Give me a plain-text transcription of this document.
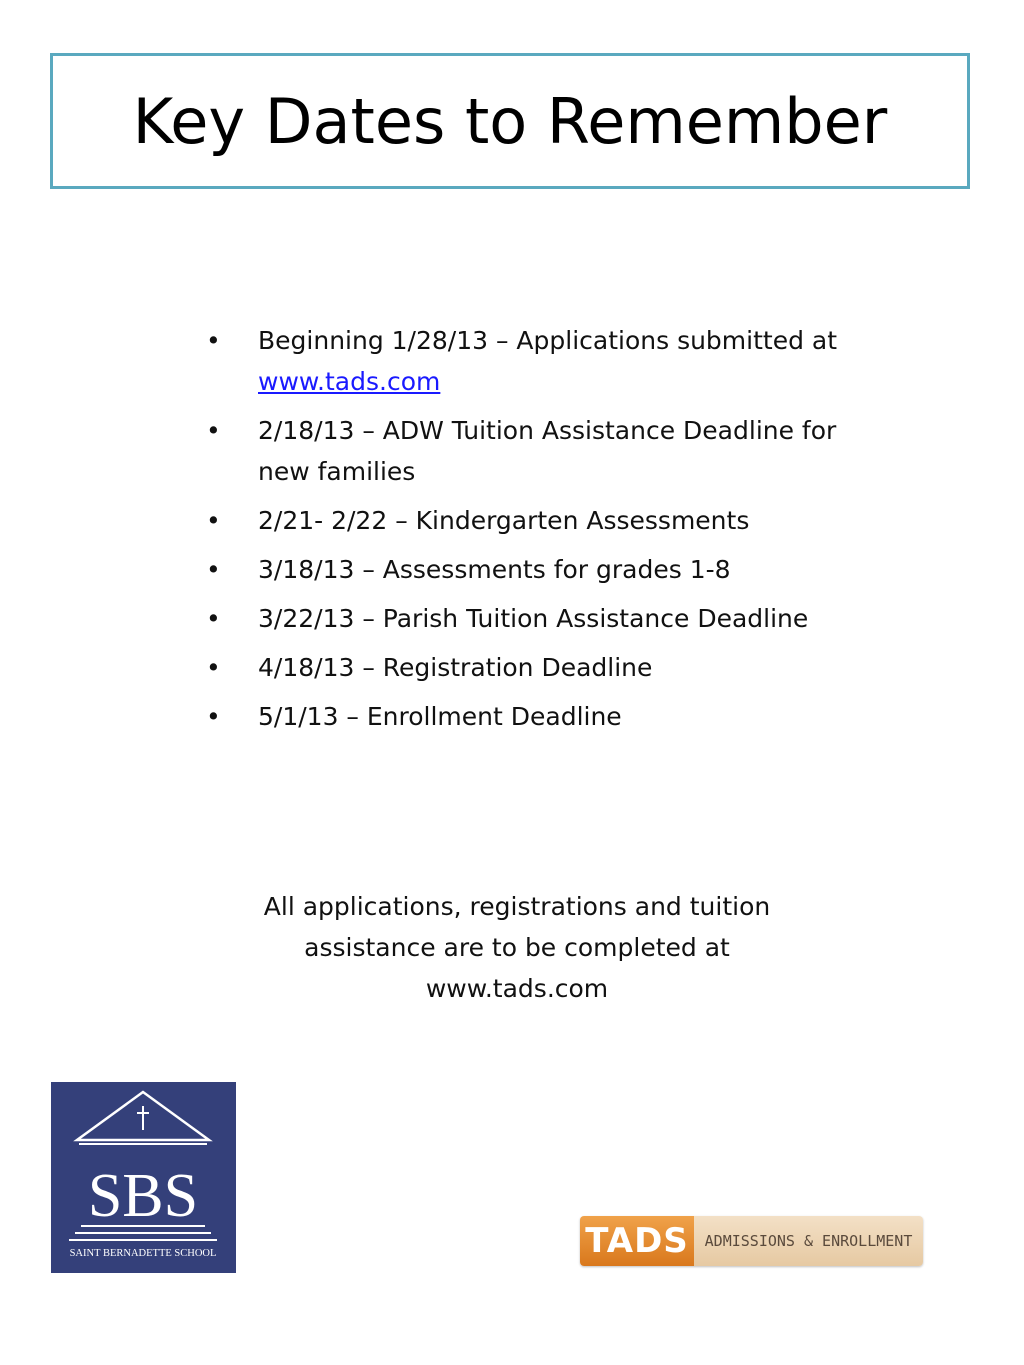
Key Dates to Remember
• Beginning 1/28/13 – Applications submitted at www.tads.com
• 2/18/13 – ADW Tuition Assistance Deadline for new families
• 2/21- 2/22 – Kindergarten Assessments
• 3/18/13 – Assessments for grades 1-8
• 3/22/13 – Parish Tuition Assistance Deadline
• 4/18/13 – Registration Deadline
• 5/1/13 – Enrollment Deadline

All applications, registrations and tuition assistance are to be completed at www.tads.com

SBS
SAINT BERNADETTE SCHOOL	TADS	ADMISSIONS & ENROLLMENT
